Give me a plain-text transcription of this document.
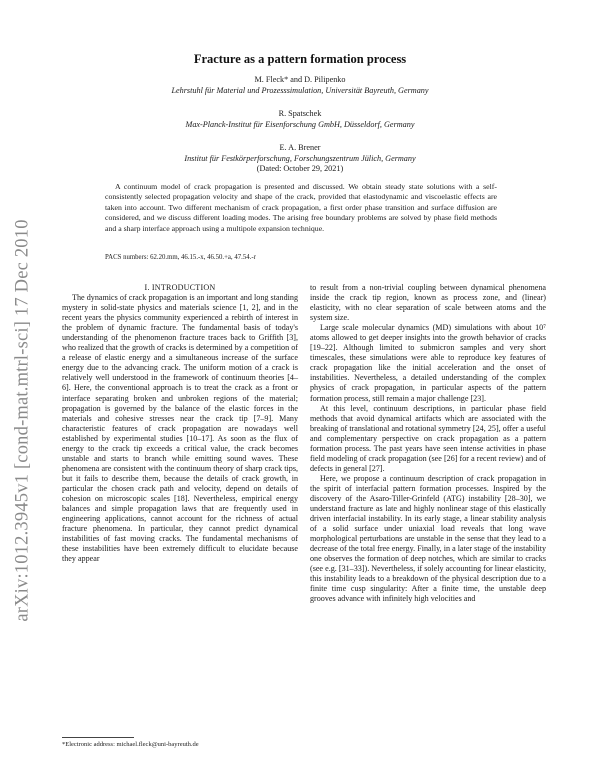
arXiv:1012.3945v1 [cond-mat.mtrl-sci] 17 Dec 2010
Fracture as a pattern formation process
M. Fleck* and D. Pilipenko
Lehrstuhl für Material und Prozesssimulation, Universität Bayreuth, Germany
R. Spatschek
Max-Planck-Institut für Eisenforschung GmbH, Düsseldorf, Germany
E. A. Brener
Institut für Festkörperforschung, Forschungszentrum Jülich, Germany
(Dated: October 29, 2021)
A continuum model of crack propagation is presented and discussed. We obtain steady state solutions with a self-consistently selected propagation velocity and shape of the crack, provided that elastodynamic and viscoelastic effects are taken into account. Two different mechanism of crack propagation, a first order phase transition and surface diffusion are considered, and we discuss different loading modes. The arising free boundary problems are solved by phase field methods and a sharp interface approach using a multipole expansion technique.
PACS numbers: 62.20.mm, 46.15.-x, 46.50.+a, 47.54.-r

I. INTRODUCTION

The dynamics of crack propagation is an important and long standing mystery in solid-state physics and materials science [1, 2], and in the recent years the physics community experienced a rebirth of interest in the problem of dynamic fracture. The fundamental basis of today's understanding of the phenomenon fracture traces back to Griffith [3], who realized that the growth of cracks is determined by a competition of a release of elastic energy and a simultaneous increase of the surface energy due to the advancing crack. The uniform motion of a crack is relatively well understood in the framework of continuum theories [4–6]. Here, the conventional approach is to treat the crack as a front or interface separating broken and unbroken regions of the material; propagation is governed by the balance of the elastic forces in the materials and cohesive stresses near the crack tip [7–9]. Many characteristic features of crack propagation are nowadays well established by experimental studies [10–17]. As soon as the flux of energy to the crack tip exceeds a critical value, the crack becomes unstable and starts to branch while emitting sound waves. These phenomena are consistent with the continuum theory of sharp crack tips, but it fails to describe them, because the details of crack growth, in particular the chosen crack path and velocity, depend on details of cohesion on microscopic scales [18]. Nevertheless, empirical energy balances and simple propagation laws that are frequently used in engineering applications, cannot account for the richness of actual fracture phenomena. In particular, they cannot predict dynamical instabilities of fast moving cracks. The fundamental mechanisms of these instabilities have been extremely difficult to elucidate because they appear

to result from a non-trivial coupling between dynamical phenomena inside the crack tip region, known as process zone, and (linear) elasticity, with no clear separation of scale between atoms and the system size.

Large scale molecular dynamics (MD) simulations with about 10⁷ atoms allowed to get deeper insights into the growth behavior of cracks [19–22]. Although limited to submicron samples and very short timescales, these simulations were able to reproduce key features of crack propagation like the initial acceleration and the onset of instabilities. Nevertheless, a detailed understanding of the complex physics of crack propagation, in particular aspects of the pattern formation process, still remain a major challenge [23].

At this level, continuum descriptions, in particular phase field methods that avoid dynamical artifacts which are associated with the breaking of translational and rotational symmetry [24, 25], offer a useful and complementary perspective on crack propagation as a pattern formation process. The past years have seen intense activities in phase field modeling of crack propagation (see [26] for a recent review) and of defects in general [27].

Here, we propose a continuum description of crack propagation in the spirit of interfacial pattern formation processes. Inspired by the discovery of the Asaro-Tiller-Grinfeld (ATG) instability [28–30], we understand fracture as late and highly nonlinear stage of this elastically driven interfacial instability. In its early stage, a linear stability analysis of a solid surface under uniaxial load reveals that long wave morphological perturbations are unstable in the sense that they lead to a decrease of the total free energy. Finally, in a later stage of the instability one observes the formation of deep notches, which are similar to cracks (see e.g. [31–33]). Nevertheless, if solely accounting for linear elasticity, this instability leads to a breakdown of the physical description due to a finite time cusp singularity: After a finite time, the unstable deep grooves advance with infinitely high velocities and

*Electronic address: michael.fleck@uni-bayreuth.de
